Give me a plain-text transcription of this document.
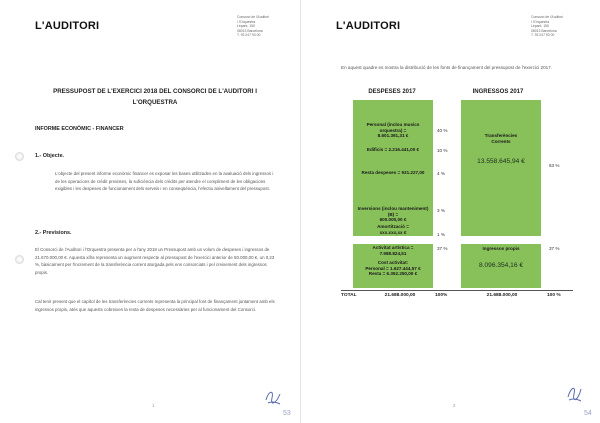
L'AUDITORI
Consorci de l'Auditori
i l'Orquestra
Lepant, 150
08013 Barcelona
T. 93 247 93 00
PRESSUPOST DE L'EXERCICI 2018 DEL CONSORCI DE L'AUDITORI I L'ORQUESTRA
INFORME ECONÒMIC - FINANCER
1.- Objecte.
L'objecte del present informe econòmic financer es exposar les bases utilitzades en la avaluació dels ingressos i de les operacions de crèdit previstes, la suficiència dels crèdits per atendre el compliment de les obligacions exigibles i les despeses de funcionament dels serveis i en conseqüència, l'efectiu anivellament del pressupost.
2.- Previsions.
El Consorci de l'Auditori i l'Orquestra presenta per a l'any 2018 un Pressupost amb un volum de despeses i ingressos de 21.670.000,00 €. Aquesta xifra representa un augment respecte al pressupost de l'exercici anterior de 50.000,00 €, un 0,23 %, bàsicament per l'increment de la transferència corrent atorgada pels ens consorciats i pel creixement dels ingressos propis.
Cal tenir present que el capítol de les transferències corrents representa la principal font de finançament juntament amb els ingressos propis, atès que aquests cobreixen la resta de despeses necessàries per al funcionament del Consorci.
1
53
L'AUDITORI
Consorci de l'Auditori
i l'Orquestra
Lepant, 150
08013 Barcelona
T. 93 247 93 00
En aquest quadre es mostra la distribució de les fonts de finançament del pressupost de l'exercici 2017.
DESPESES 2017	INGRESSOS 2017
Personal (inclou musics orquestra) =
8.601.391,31 €
40 %
Edificis = 2.216.441,00 €	10 %
Resta despeses = 931.227,00	4 %
Inversions (inclou manteniment) (B) =
600.000,00 €
3 %
Amortització =
xxx.xxx,xx €	1 %
Transferències
Corrents
13.558.645,94 €
63 %
Activitat artística =
7.988.824,51
Cost activitat:
Personal = 1.627.444,57 €
Resta = 6.352.250,00 €
37 %	Ingressos propis
8.096.354,16 €
37 %
TOTAL	21.688.000,00	100%	21.688.000,00	100 %
2
54
